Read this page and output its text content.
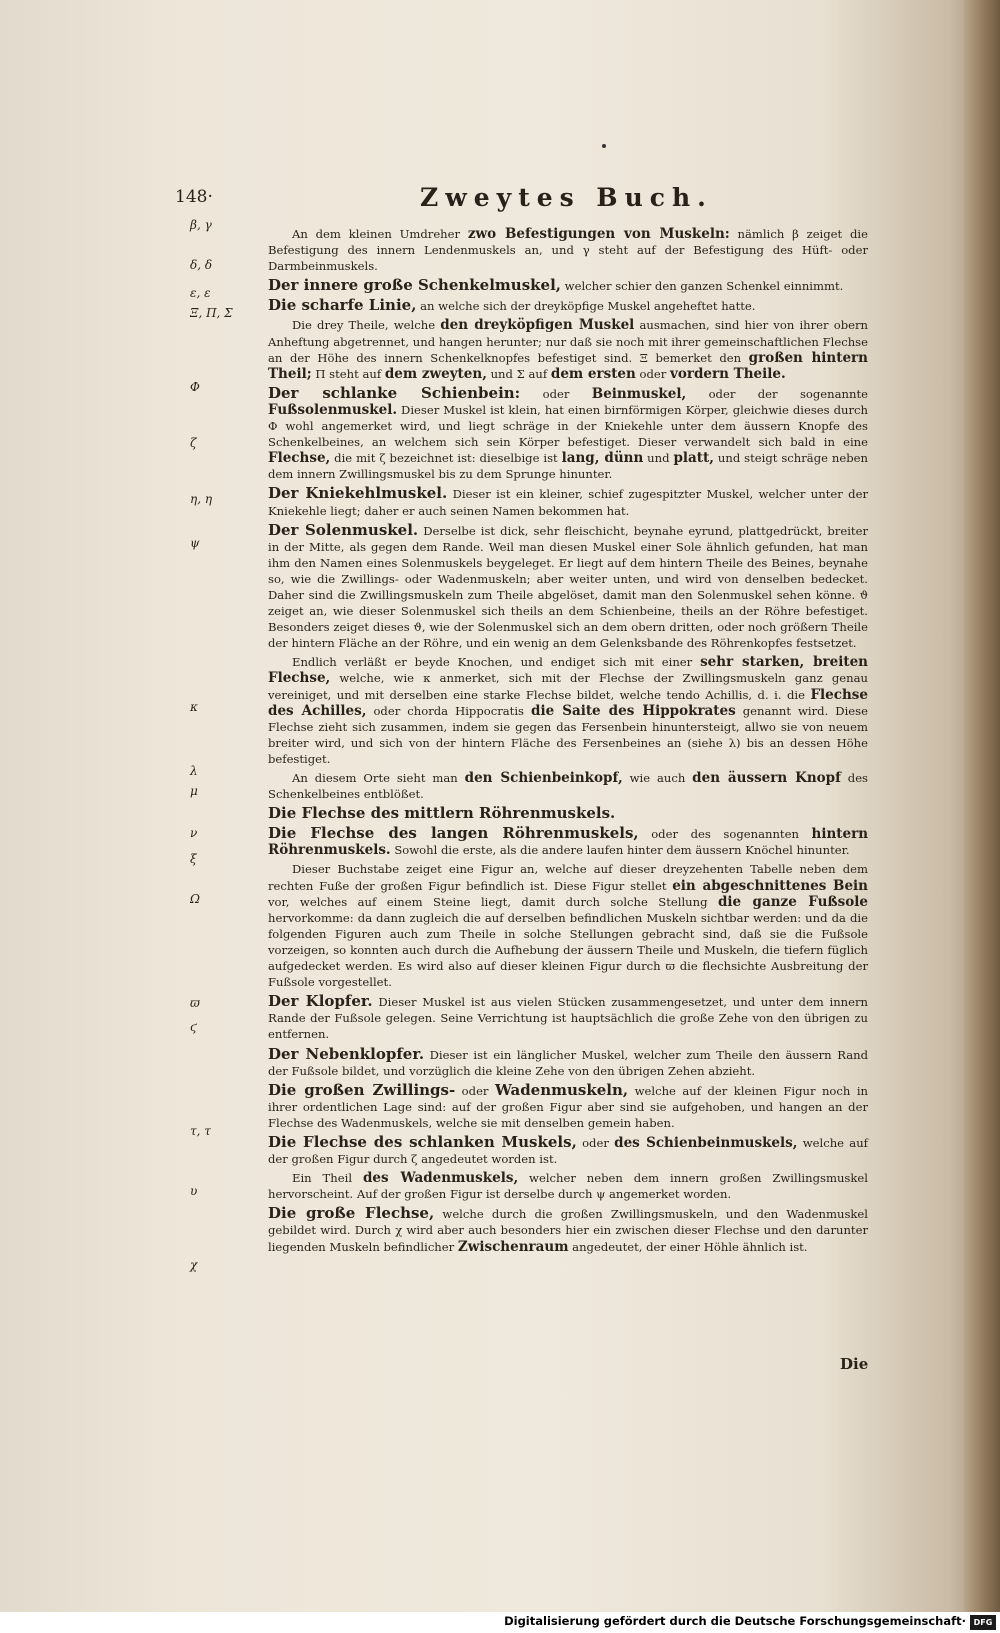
148·	Zweytes Buch.
β, γ
δ, δ
ε, ε
Ξ, Π, Σ
Φ
ζ
η, η
ψ
κ
λ
μ
ν
ξ
Ω
ϖ
ϛ
τ, τ
υ
χ

An dem kleinen Umdreher zwo Befestigungen von Muskeln: nämlich β zeiget die Befestigung des innern Lendenmuskels an, und γ steht auf der Befestigung des Hüft- oder Darmbeinmuskels.

Der innere große Schenkelmuskel, welcher schier den ganzen Schenkel einnimmt.

Die scharfe Linie, an welche sich der dreyköpfige Muskel angeheftet hatte.

Die drey Theile, welche den dreyköpfigen Muskel ausmachen, sind hier von ihrer obern Anheftung abgetrennet, und hangen herunter; nur daß sie noch mit ihrer gemeinschaftlichen Flechse an der Höhe des innern Schenkelknopfes befestiget sind. Ξ bemerket den großen hintern Theil; Π steht auf dem zweyten, und Σ auf dem ersten oder vordern Theile.

Der schlanke Schienbein: oder Beinmuskel, oder der sogenannte Fußsolenmuskel. Dieser Muskel ist klein, hat einen birnförmigen Körper, gleichwie dieses durch Φ wohl angemerket wird, und liegt schräge in der Kniekehle unter dem äussern Knopfe des Schenkelbeines, an welchem sich sein Körper befestiget. Dieser verwandelt sich bald in eine Flechse, die mit ζ bezeichnet ist: dieselbige ist lang, dünn und platt, und steigt schräge neben dem innern Zwillingsmuskel bis zu dem Sprunge hinunter.

Der Kniekehlmuskel. Dieser ist ein kleiner, schief zugespitzter Muskel, welcher unter der Kniekehle liegt; daher er auch seinen Namen bekommen hat.

Der Solenmuskel. Derselbe ist dick, sehr fleischicht, beynahe eyrund, plattgedrückt, breiter in der Mitte, als gegen dem Rande. Weil man diesen Muskel einer Sole ähnlich gefunden, hat man ihm den Namen eines Solenmuskels beygeleget. Er liegt auf dem hintern Theile des Beines, beynahe so, wie die Zwillings- oder Wadenmuskeln; aber weiter unten, und wird von denselben bedecket. Daher sind die Zwillingsmuskeln zum Theile abgelöset, damit man den Solenmuskel sehen könne. ϑ zeiget an, wie dieser Solenmuskel sich theils an dem Schienbeine, theils an der Röhre befestiget. Besonders zeiget dieses ϑ, wie der Solenmuskel sich an dem obern dritten, oder noch größern Theile der hintern Fläche an der Röhre, und ein wenig an dem Gelenksbande des Röhrenkopfes festsetzet.

Endlich verläßt er beyde Knochen, und endiget sich mit einer sehr starken, breiten Flechse, welche, wie κ anmerket, sich mit der Flechse der Zwillingsmuskeln ganz genau vereiniget, und mit derselben eine starke Flechse bildet, welche tendo Achillis, d. i. die Flechse des Achilles, oder chorda Hippocratis die Saite des Hippokrates genannt wird. Diese Flechse zieht sich zusammen, indem sie gegen das Fersenbein hinuntersteigt, allwo sie von neuem breiter wird, und sich von der hintern Fläche des Fersenbeines an (siehe λ) bis an dessen Höhe befestiget.

An diesem Orte sieht man den Schienbeinkopf, wie auch den äussern Knopf des Schenkelbeines entblößet.

Die Flechse des mittlern Röhrenmuskels.

Die Flechse des langen Röhrenmuskels, oder des sogenannten hintern Röhrenmuskels. Sowohl die erste, als die andere laufen hinter dem äussern Knöchel hinunter.

Dieser Buchstabe zeiget eine Figur an, welche auf dieser dreyzehenten Tabelle neben dem rechten Fuße der großen Figur befindlich ist. Diese Figur stellet ein abgeschnittenes Bein vor, welches auf einem Steine liegt, damit durch solche Stellung die ganze Fußsole hervorkomme: da dann zugleich die auf derselben befindlichen Muskeln sichtbar werden: und da die folgenden Figuren auch zum Theile in solche Stellungen gebracht sind, daß sie die Fußsole vorzeigen, so konnten auch durch die Aufhebung der äussern Theile und Muskeln, die tiefern füglich aufgedecket werden. Es wird also auf dieser kleinen Figur durch ϖ die flechsichte Ausbreitung der Fußsole vorgestellet.

Der Klopfer. Dieser Muskel ist aus vielen Stücken zusammengesetzet, und unter dem innern Rande der Fußsole gelegen. Seine Verrichtung ist hauptsächlich die große Zehe von den übrigen zu entfernen.

Der Nebenklopfer. Dieser ist ein länglicher Muskel, welcher zum Theile den äussern Rand der Fußsole bildet, und vorzüglich die kleine Zehe von den übrigen Zehen abzieht.

Die großen Zwillings- oder Wadenmuskeln, welche auf der kleinen Figur noch in ihrer ordentlichen Lage sind: auf der großen Figur aber sind sie aufgehoben, und hangen an der Flechse des Wadenmuskels, welche sie mit denselben gemein haben.

Die Flechse des schlanken Muskels, oder des Schienbeinmuskels, welche auf der großen Figur durch ζ angedeutet worden ist.

Ein Theil des Wadenmuskels, welcher neben dem innern großen Zwillingsmuskel hervorscheint. Auf der großen Figur ist derselbe durch ψ angemerket worden.

Die große Flechse, welche durch die großen Zwillingsmuskeln, und den Wadenmuskel gebildet wird. Durch χ wird aber auch besonders hier ein zwischen dieser Flechse und den darunter liegenden Muskeln befindlicher Zwischenraum angedeutet, der einer Höhle ähnlich ist.

Die
Digitalisierung gefördert durch die Deutsche Forschungsgemeinschaft· DFG
